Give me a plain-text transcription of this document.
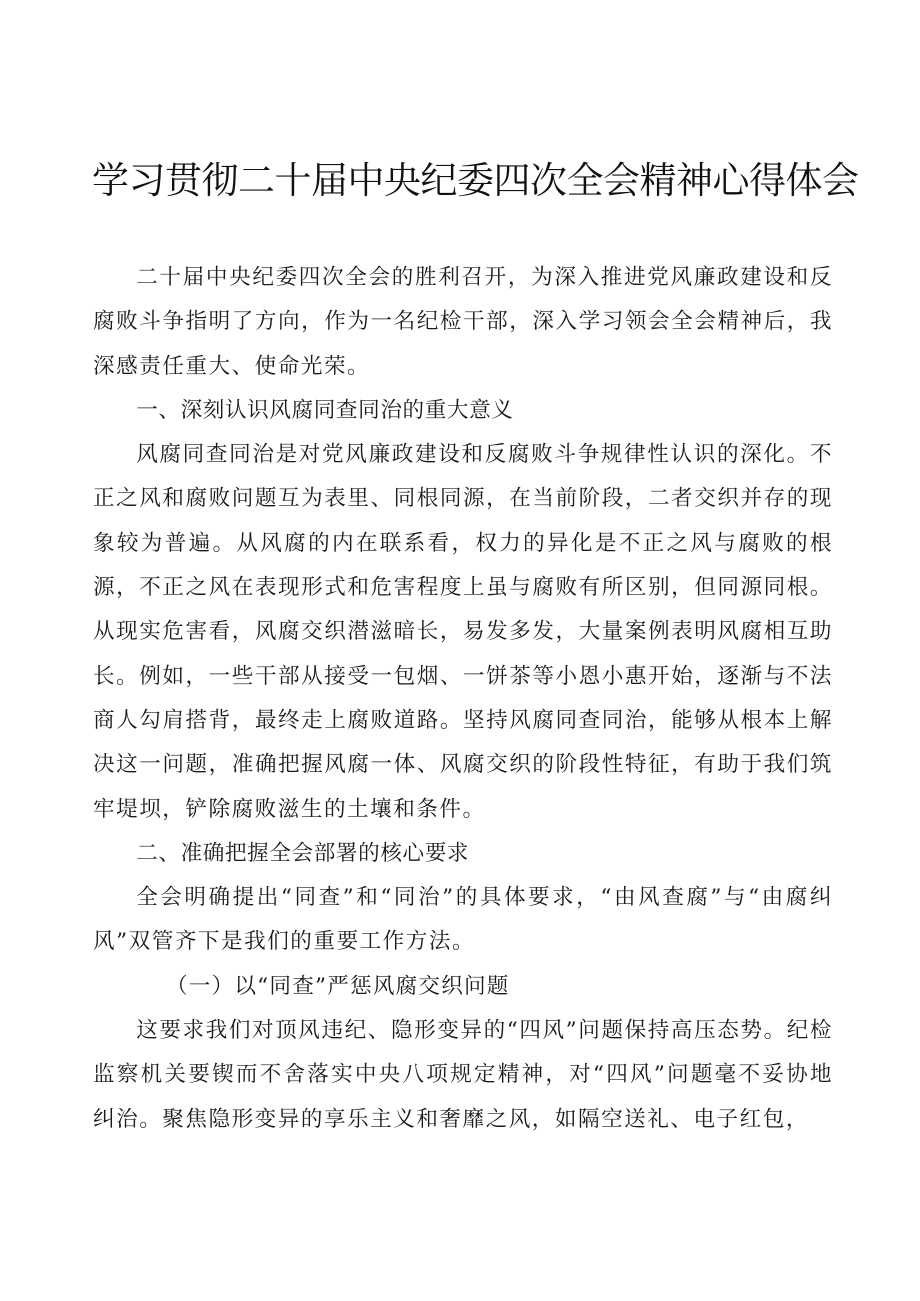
学习贯彻二十届中央纪委四次全会精神心得体会

二十届中央纪委四次全会的胜利召开，为深入推进党风廉政建设和反腐败斗争指明了方向，作为一名纪检干部，深入学习领会全会精神后，我深感责任重大、使命光荣。

一、深刻认识风腐同查同治的重大意义

风腐同查同治是对党风廉政建设和反腐败斗争规律性认识的深化。不正之风和腐败问题互为表里、同根同源，在当前阶段，二者交织并存的现象较为普遍。从风腐的内在联系看，权力的异化是不正之风与腐败的根源，不正之风在表现形式和危害程度上虽与腐败有所区别，但同源同根。从现实危害看，风腐交织潜滋暗长，易发多发，大量案例表明风腐相互助长。例如，一些干部从接受一包烟、一饼茶等小恩小惠开始，逐渐与不法商人勾肩搭背，最终走上腐败道路。坚持风腐同查同治，能够从根本上解决这一问题，准确把握风腐一体、风腐交织的阶段性特征，有助于我们筑牢堤坝，铲除腐败滋生的土壤和条件。

二、准确把握全会部署的核心要求

全会明确提出“同查”和“同治”的具体要求，“由风查腐”与“由腐纠风”双管齐下是我们的重要工作方法。

（一）以“同查”严惩风腐交织问题

这要求我们对顶风违纪、隐形变异的“四风”问题保持高压态势。纪检监察机关要锲而不舍落实中央八项规定精神，对“四风”问题毫不妥协地纠治。聚焦隐形变异的享乐主义和奢靡之风，如隔空送礼、电子红包，
